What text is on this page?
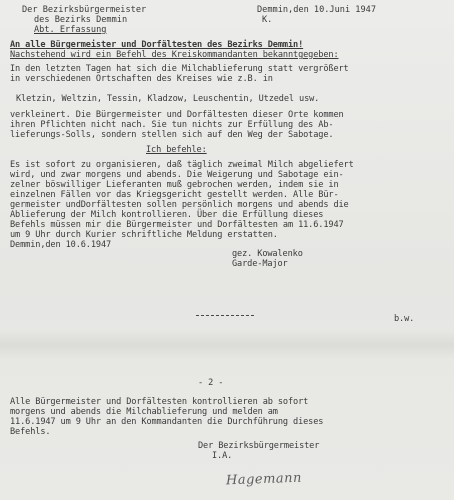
Der Bezirksbürgermeister
des Bezirks Demmin
Abt. Erfassung
Demmin,den 10.Juni 1947
K.
An alle Bürgermeister und Dorfältesten des Bezirks Demmin!
Nachstehend wird ein Befehl des Kreiskommandanten bekanntgegeben:
In den letzten Tagen hat sich die Milchablieferung statt vergrößert
in verschiedenen Ortschaften des Kreises wie z.B. in
Kletzin, Weltzin, Tessin, Kladzow, Leuschentin, Utzedel usw.
verkleinert. Die Bürgermeister und Dorfältesten dieser Orte kommen
ihren Pflichten nicht nach. Sie tun nichts zur Erfüllung des Ab-
lieferungs-Solls, sondern stellen sich auf den Weg der Sabotage.
Ich befehle:
Es ist sofort zu organisieren, daß täglich zweimal Milch abgeliefert
wird, und zwar morgens und abends. Die Weigerung und Sabotage ein-
zelner böswilliger Lieferanten muß gebrochen werden, indem sie in
einzelnen Fällen vor das Kriegsgericht gestellt werden. Alle Bür-
germeister undDorfältesten sollen persönlich morgens und abends die
Ablieferung der Milch kontrollieren. Über die Erfüllung dieses
Befehls müssen mir die Bürgermeister und Dorfältesten am 11.6.1947
um 9 Uhr durch Kurier schriftliche Meldung erstatten.
Demmin,den 10.6.1947
gez. Kowalenko
Garde-Major
b.w.
- 2 -
Alle Bürgermeister und Dorfältesten kontrollieren ab sofort
morgens und abends die Milchablieferung und melden am
11.6.1947 um 9 Uhr an den Kommandanten die Durchführung dieses
Befehls.
Der Bezirksbürgermeister
I.A.
Hagemann
